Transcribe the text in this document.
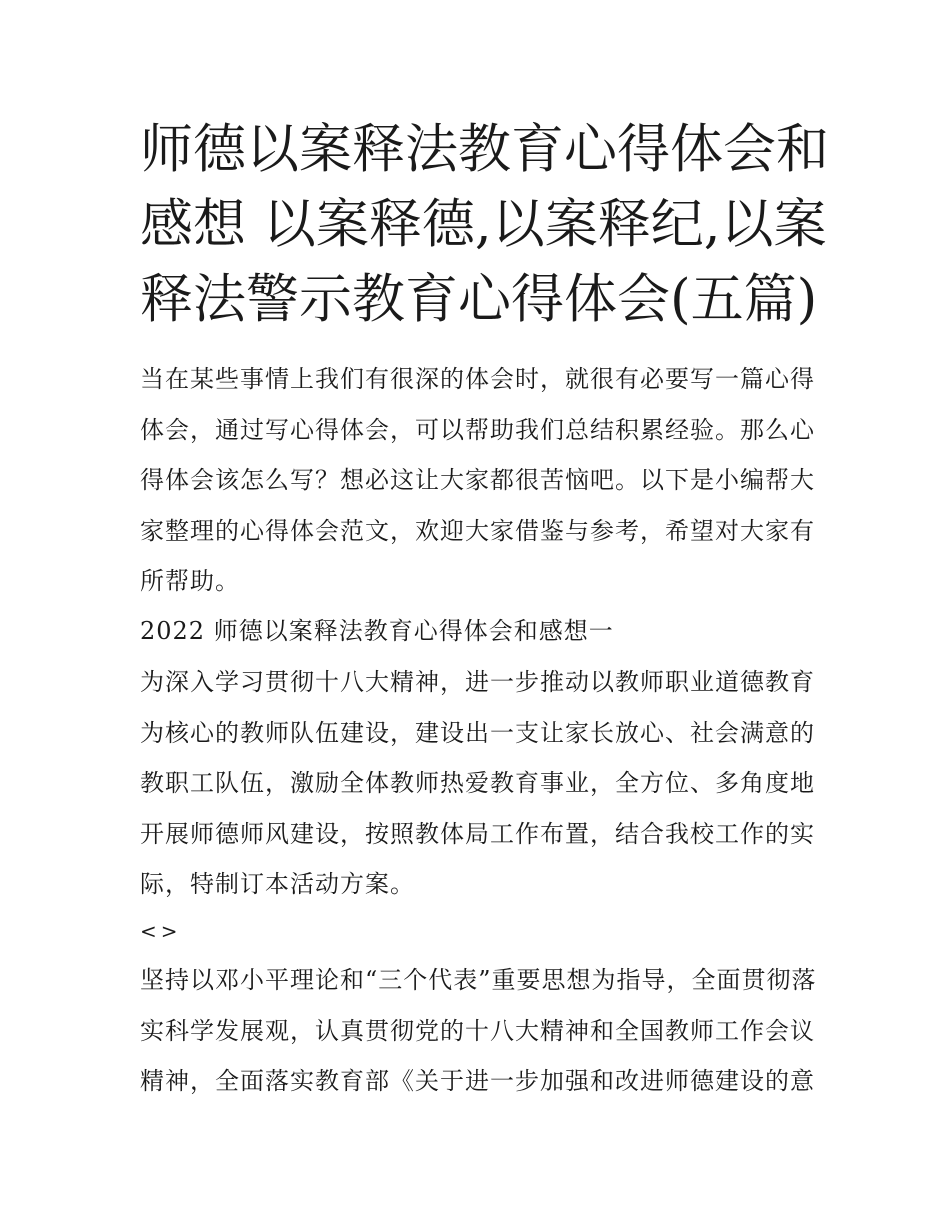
师德以案释法教育心得体会和
感想 以案释德,以案释纪,以案
释法警示教育心得体会(五篇)

当在某些事情上我们有很深的体会时，就很有必要写一篇心得
体会，通过写心得体会，可以帮助我们总结积累经验。那么心
得体会该怎么写？想必这让大家都很苦恼吧。以下是小编帮大
家整理的心得体会范文，欢迎大家借鉴与参考，希望对大家有
所帮助。

2022 师德以案释法教育心得体会和感想一

为深入学习贯彻十八大精神，进一步推动以教师职业道德教育
为核心的教师队伍建设，建设出一支让家长放心、社会满意的
教职工队伍，激励全体教师热爱教育事业，全方位、多角度地
开展师德师风建设，按照教体局工作布置，结合我校工作的实
际，特制订本活动方案。

<>

坚持以邓小平理论和“三个代表”重要思想为指导，全面贯彻落
实科学发展观，认真贯彻党的十八大精神和全国教师工作会议
精神，全面落实教育部《关于进一步加强和改进师德建设的意
